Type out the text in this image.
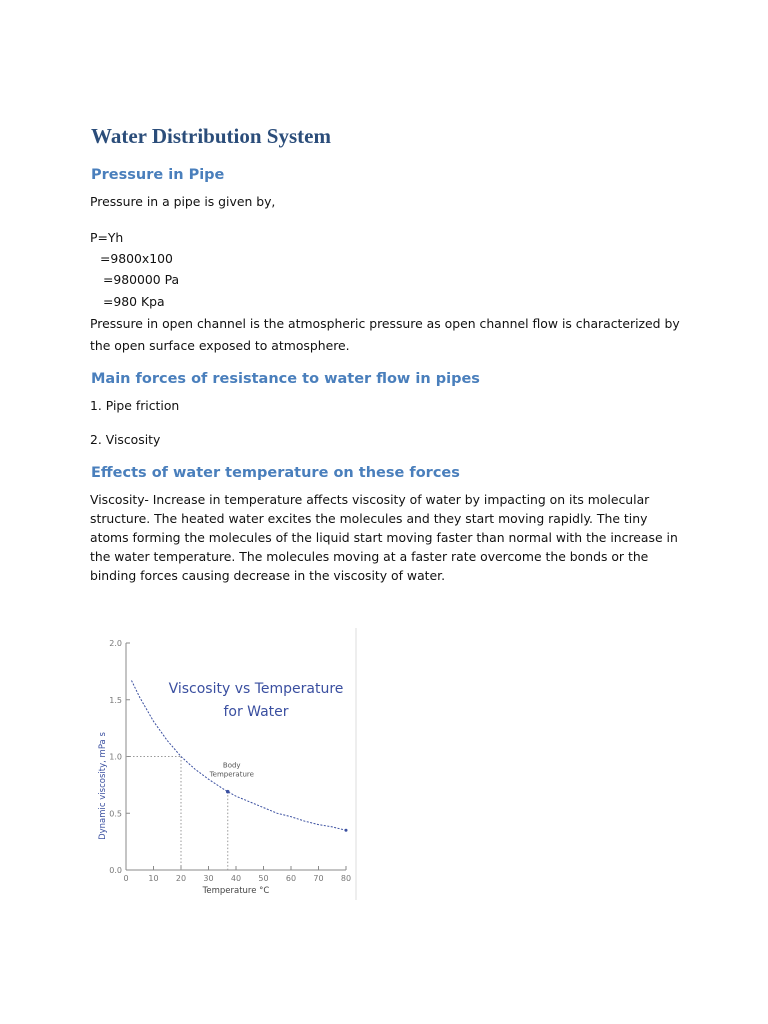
Water Distribution System
Pressure in Pipe

Pressure in a pipe is given by,

P=Yh

=9800x100

=980000 Pa

=980 Kpa

Pressure in open channel is the atmospheric pressure as open channel flow is characterized by

the open surface exposed to atmosphere.

Main forces of resistance to water flow in pipes

1. Pipe friction

2. Viscosity

Effects of water temperature on these forces

Viscosity- Increase in temperature affects viscosity of water by impacting on its molecular

structure. The heated water excites the molecules and they start moving rapidly. The tiny

atoms forming the molecules of the liquid start moving faster than normal with the increase in

the water temperature. The molecules moving at a faster rate overcome the bonds or the

binding forces causing decrease in the viscosity of water.

0.0
0.5
1.0
1.5
2.0
0 10 20 30 40 50 60 70 80
Viscosity vs Temperature
for Water
Body
Temperature
Temperature °C
Dynamic viscosity, mPa s
